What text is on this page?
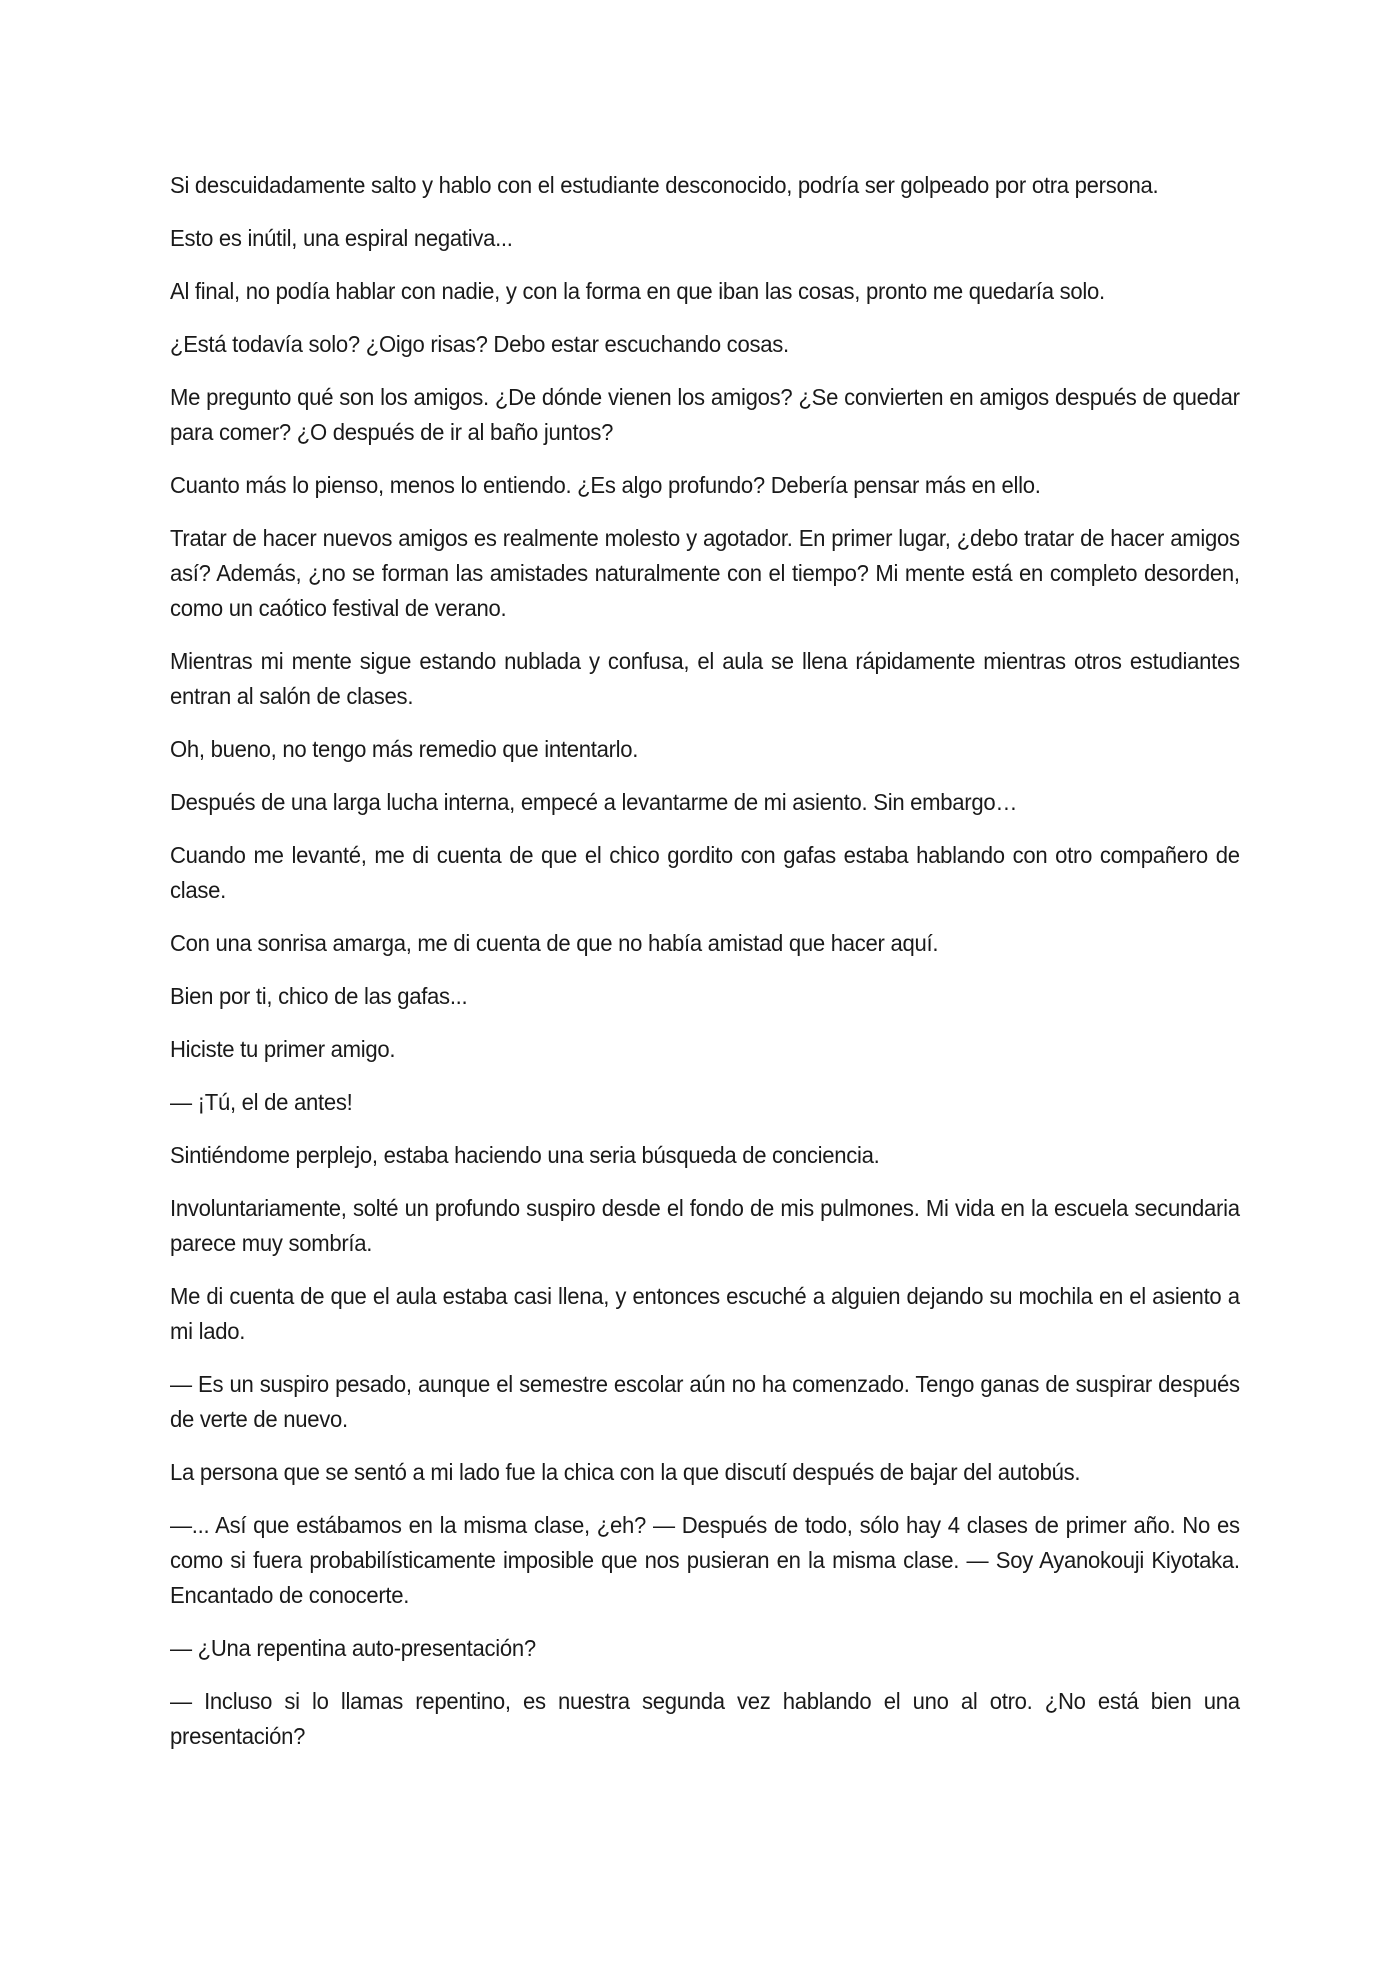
Si descuidadamente salto y hablo con el estudiante desconocido, podría ser golpeado por otra persona.

Esto es inútil, una espiral negativa...

Al final, no podía hablar con nadie, y con la forma en que iban las cosas, pronto me quedaría solo.

¿Está todavía solo? ¿Oigo risas? Debo estar escuchando cosas.

Me pregunto qué son los amigos. ¿De dónde vienen los amigos? ¿Se convierten en amigos después de quedar para comer? ¿O después de ir al baño juntos?

Cuanto más lo pienso, menos lo entiendo. ¿Es algo profundo? Debería pensar más en ello.

Tratar de hacer nuevos amigos es realmente molesto y agotador. En primer lugar, ¿debo tratar de hacer amigos así? Además, ¿no se forman las amistades naturalmente con el tiempo? Mi mente está en completo desorden, como un caótico festival de verano.

Mientras mi mente sigue estando nublada y confusa, el aula se llena rápidamente mientras otros estudiantes entran al salón de clases.

Oh, bueno, no tengo más remedio que intentarlo.

Después de una larga lucha interna, empecé a levantarme de mi asiento. Sin embargo…

Cuando me levanté, me di cuenta de que el chico gordito con gafas estaba hablando con otro compañero de clase.

Con una sonrisa amarga, me di cuenta de que no había amistad que hacer aquí.

Bien por ti, chico de las gafas...

Hiciste tu primer amigo.

— ¡Tú, el de antes!

Sintiéndome perplejo, estaba haciendo una seria búsqueda de conciencia.

Involuntariamente, solté un profundo suspiro desde el fondo de mis pulmones. Mi vida en la escuela secundaria parece muy sombría.

Me di cuenta de que el aula estaba casi llena, y entonces escuché a alguien dejando su mochila en el asiento a mi lado.

— Es un suspiro pesado, aunque el semestre escolar aún no ha comenzado. Tengo ganas de suspirar después de verte de nuevo.

La persona que se sentó a mi lado fue la chica con la que discutí después de bajar del autobús.

—... Así que estábamos en la misma clase, ¿eh? — Después de todo, sólo hay 4 clases de primer año. No es como si fuera probabilísticamente imposible que nos pusieran en la misma clase. — Soy Ayanokouji Kiyotaka. Encantado de conocerte.

— ¿Una repentina auto-presentación?

— Incluso si lo llamas repentino, es nuestra segunda vez hablando el uno al otro. ¿No está bien una presentación?
